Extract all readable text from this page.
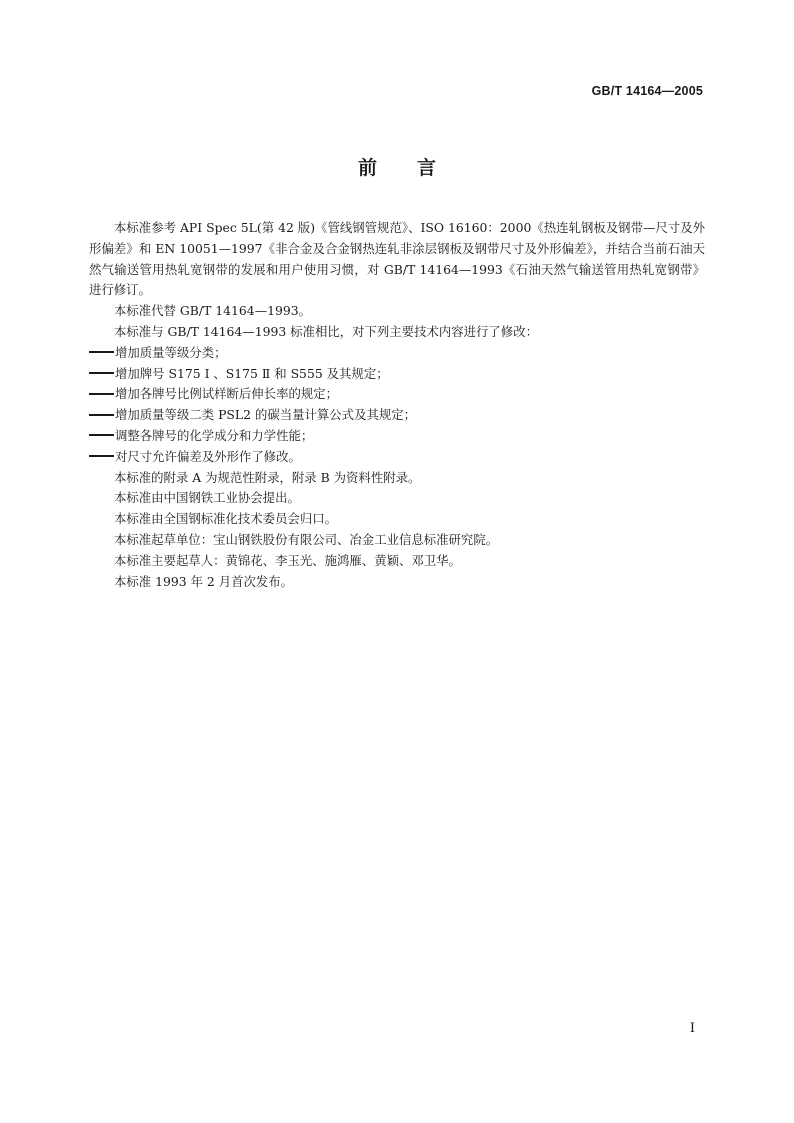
GB/T 14164—2005
前言

本标准参考 API Spec 5L(第 42 版)《管线钢管规范》、ISO 16160：2000《热连轧钢板及钢带—尺寸及外形偏差》和 EN 10051—1997《非合金及合金钢热连轧非涂层钢板及钢带尺寸及外形偏差》，并结合当前石油天然气输送管用热轧宽钢带的发展和用户使用习惯，对 GB/T 14164—1993《石油天然气输送管用热轧宽钢带》进行修订。

本标准代替 GB/T 14164—1993。

本标准与 GB/T 14164—1993 标准相比，对下列主要技术内容进行了修改：

增加质量等级分类；

增加牌号 S175 Ⅰ 、S175 Ⅱ 和 S555 及其规定；

增加各牌号比例试样断后伸长率的规定；

增加质量等级二类 PSL2 的碳当量计算公式及其规定；

调整各牌号的化学成分和力学性能；

对尺寸允许偏差及外形作了修改。

本标准的附录 A 为规范性附录，附录 B 为资料性附录。

本标准由中国钢铁工业协会提出。

本标准由全国钢标准化技术委员会归口。

本标准起草单位：宝山钢铁股份有限公司、冶金工业信息标准研究院。

本标准主要起草人：黄锦花、李玉光、施鸿雁、黄颖、邓卫华。

本标准 1993 年 2 月首次发布。

I
